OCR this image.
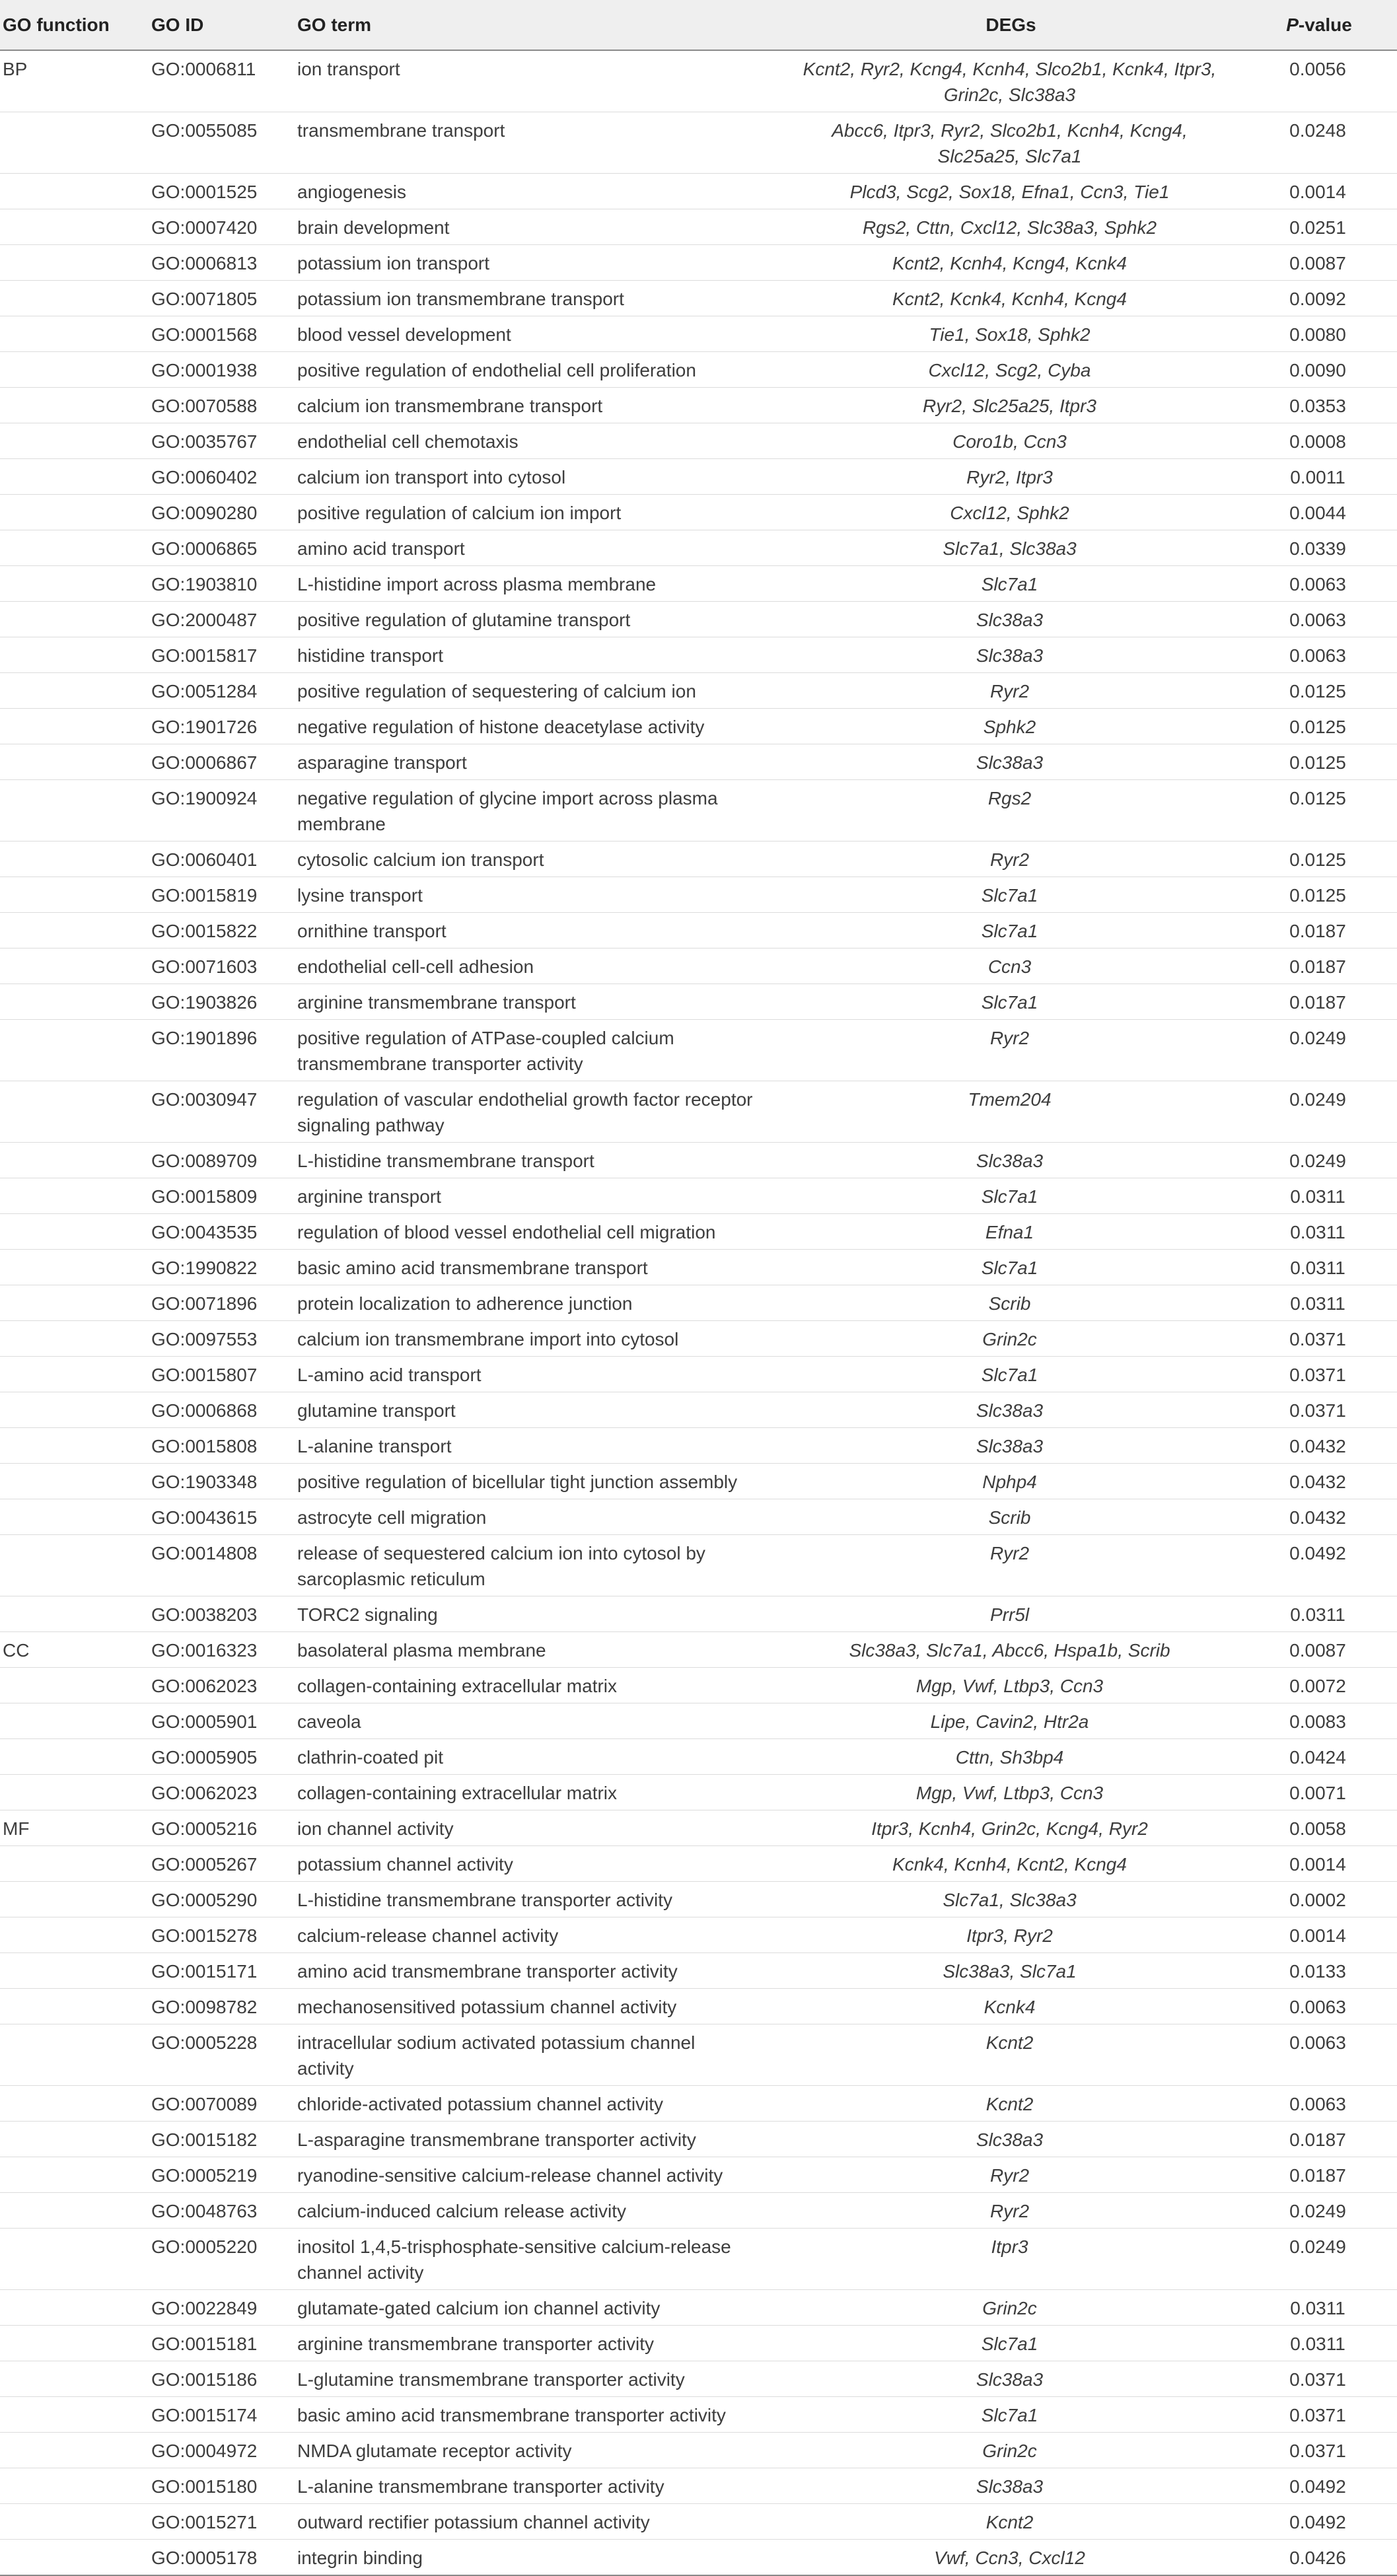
GO function	GO ID	GO term	DEGs	P-value
BP	GO:0006811	ion transport	Kcnt2, Ryr2, Kcng4, Kcnh4, Slco2b1, Kcnk4, Itpr3, Grin2c, Slc38a3	0.0056
	GO:0055085	transmembrane transport	Abcc6, Itpr3, Ryr2, Slco2b1, Kcnh4, Kcng4, Slc25a25, Slc7a1	0.0248
	GO:0001525	angiogenesis	Plcd3, Scg2, Sox18, Efna1, Ccn3, Tie1	0.0014
	GO:0007420	brain development	Rgs2, Cttn, Cxcl12, Slc38a3, Sphk2	0.0251
	GO:0006813	potassium ion transport	Kcnt2, Kcnh4, Kcng4, Kcnk4	0.0087
	GO:0071805	potassium ion transmembrane transport	Kcnt2, Kcnk4, Kcnh4, Kcng4	0.0092
	GO:0001568	blood vessel development	Tie1, Sox18, Sphk2	0.0080
	GO:0001938	positive regulation of endothelial cell proliferation	Cxcl12, Scg2, Cyba	0.0090
	GO:0070588	calcium ion transmembrane transport	Ryr2, Slc25a25, Itpr3	0.0353
	GO:0035767	endothelial cell chemotaxis	Coro1b, Ccn3	0.0008
	GO:0060402	calcium ion transport into cytosol	Ryr2, Itpr3	0.0011
	GO:0090280	positive regulation of calcium ion import	Cxcl12, Sphk2	0.0044
	GO:0006865	amino acid transport	Slc7a1, Slc38a3	0.0339
	GO:1903810	L-histidine import across plasma membrane	Slc7a1	0.0063
	GO:2000487	positive regulation of glutamine transport	Slc38a3	0.0063
	GO:0015817	histidine transport	Slc38a3	0.0063
	GO:0051284	positive regulation of sequestering of calcium ion	Ryr2	0.0125
	GO:1901726	negative regulation of histone deacetylase activity	Sphk2	0.0125
	GO:0006867	asparagine transport	Slc38a3	0.0125
	GO:1900924	negative regulation of glycine import across plasma membrane	Rgs2	0.0125
	GO:0060401	cytosolic calcium ion transport	Ryr2	0.0125
	GO:0015819	lysine transport	Slc7a1	0.0125
	GO:0015822	ornithine transport	Slc7a1	0.0187
	GO:0071603	endothelial cell-cell adhesion	Ccn3	0.0187
	GO:1903826	arginine transmembrane transport	Slc7a1	0.0187
	GO:1901896	positive regulation of ATPase-coupled calcium transmembrane transporter activity	Ryr2	0.0249
	GO:0030947	regulation of vascular endothelial growth factor receptor signaling pathway	Tmem204	0.0249
	GO:0089709	L-histidine transmembrane transport	Slc38a3	0.0249
	GO:0015809	arginine transport	Slc7a1	0.0311
	GO:0043535	regulation of blood vessel endothelial cell migration	Efna1	0.0311
	GO:1990822	basic amino acid transmembrane transport	Slc7a1	0.0311
	GO:0071896	protein localization to adherence junction	Scrib	0.0311
	GO:0097553	calcium ion transmembrane import into cytosol	Grin2c	0.0371
	GO:0015807	L-amino acid transport	Slc7a1	0.0371
	GO:0006868	glutamine transport	Slc38a3	0.0371
	GO:0015808	L-alanine transport	Slc38a3	0.0432
	GO:1903348	positive regulation of bicellular tight junction assembly	Nphp4	0.0432
	GO:0043615	astrocyte cell migration	Scrib	0.0432
	GO:0014808	release of sequestered calcium ion into cytosol by sarcoplasmic reticulum	Ryr2	0.0492
	GO:0038203	TORC2 signaling	Prr5l	0.0311
CC	GO:0016323	basolateral plasma membrane	Slc38a3, Slc7a1, Abcc6, Hspa1b, Scrib	0.0087
	GO:0062023	collagen-containing extracellular matrix	Mgp, Vwf, Ltbp3, Ccn3	0.0072
	GO:0005901	caveola	Lipe, Cavin2, Htr2a	0.0083
	GO:0005905	clathrin-coated pit	Cttn, Sh3bp4	0.0424
	GO:0062023	collagen-containing extracellular matrix	Mgp, Vwf, Ltbp3, Ccn3	0.0071
MF	GO:0005216	ion channel activity	Itpr3, Kcnh4, Grin2c, Kcng4, Ryr2	0.0058
	GO:0005267	potassium channel activity	Kcnk4, Kcnh4, Kcnt2, Kcng4	0.0014
	GO:0005290	L-histidine transmembrane transporter activity	Slc7a1, Slc38a3	0.0002
	GO:0015278	calcium-release channel activity	Itpr3, Ryr2	0.0014
	GO:0015171	amino acid transmembrane transporter activity	Slc38a3, Slc7a1	0.0133
	GO:0098782	mechanosensitived potassium channel activity	Kcnk4	0.0063
	GO:0005228	intracellular sodium activated potassium channel activity	Kcnt2	0.0063
	GO:0070089	chloride-activated potassium channel activity	Kcnt2	0.0063
	GO:0015182	L-asparagine transmembrane transporter activity	Slc38a3	0.0187
	GO:0005219	ryanodine-sensitive calcium-release channel activity	Ryr2	0.0187
	GO:0048763	calcium-induced calcium release activity	Ryr2	0.0249
	GO:0005220	inositol 1,4,5-trisphosphate-sensitive calcium-release channel activity	Itpr3	0.0249
	GO:0022849	glutamate-gated calcium ion channel activity	Grin2c	0.0311
	GO:0015181	arginine transmembrane transporter activity	Slc7a1	0.0311
	GO:0015186	L-glutamine transmembrane transporter activity	Slc38a3	0.0371
	GO:0015174	basic amino acid transmembrane transporter activity	Slc7a1	0.0371
	GO:0004972	NMDA glutamate receptor activity	Grin2c	0.0371
	GO:0015180	L-alanine transmembrane transporter activity	Slc38a3	0.0492
	GO:0015271	outward rectifier potassium channel activity	Kcnt2	0.0492
	GO:0005178	integrin binding	Vwf, Ccn3, Cxcl12	0.0426
